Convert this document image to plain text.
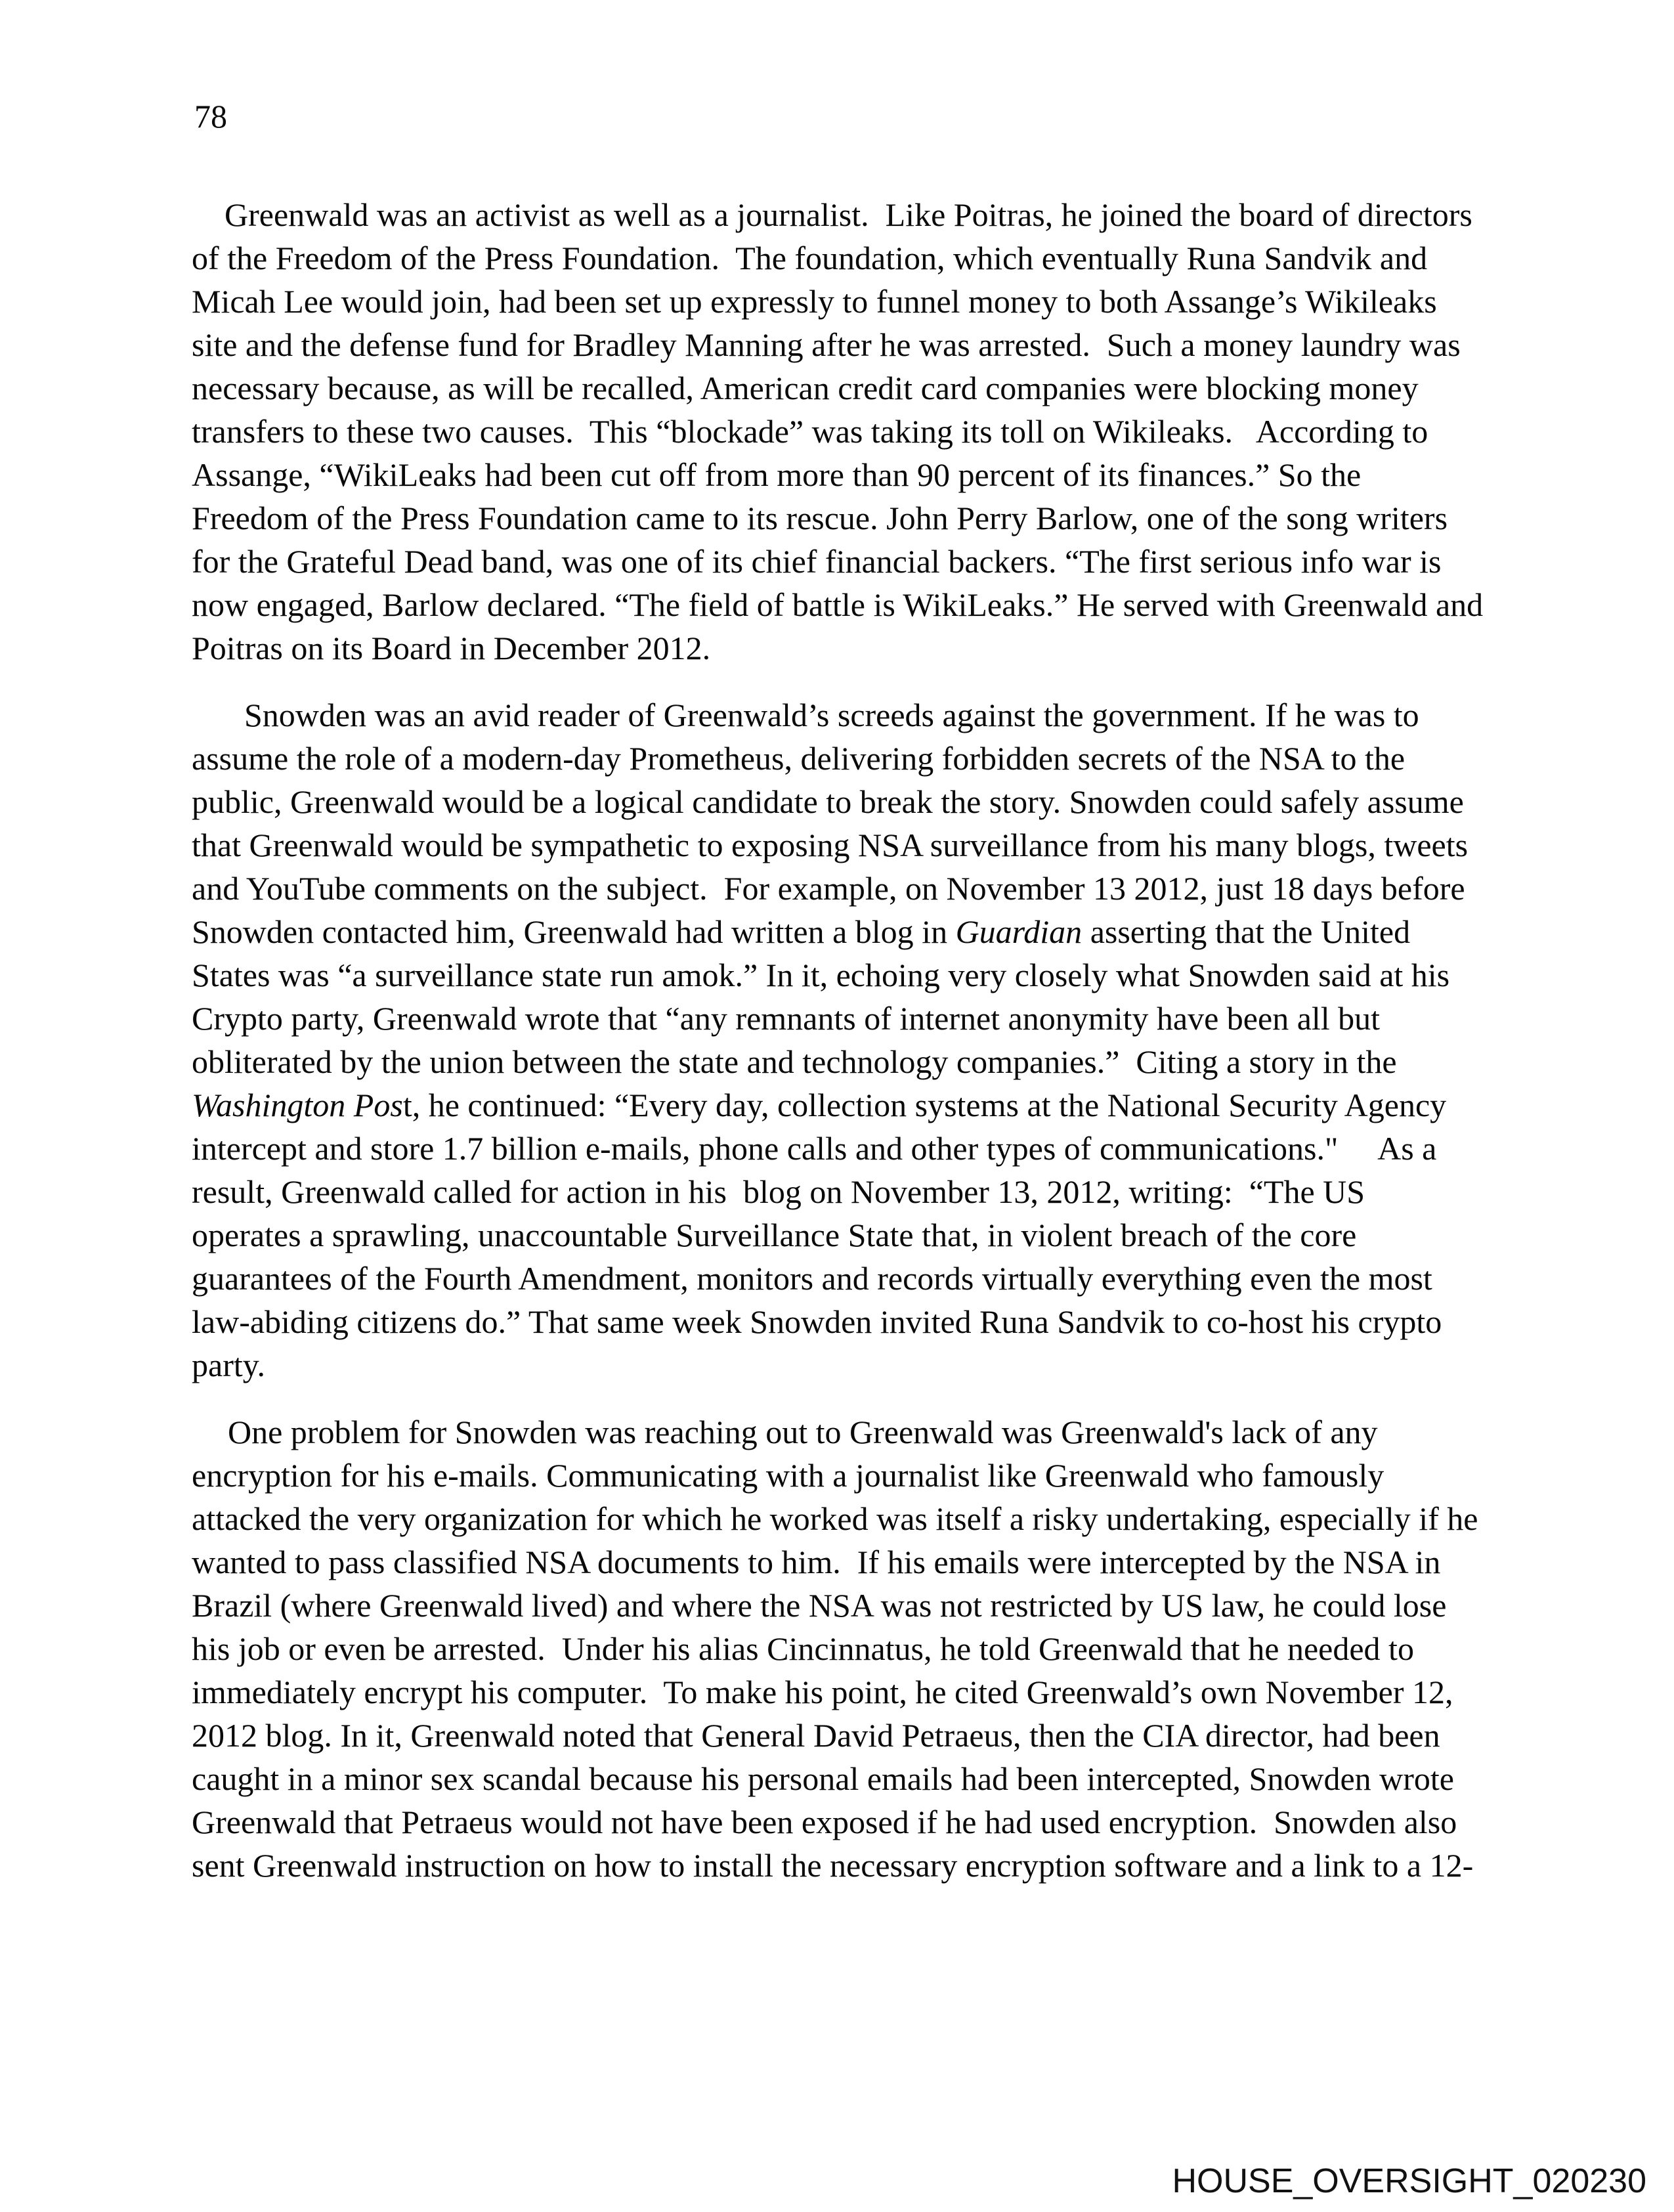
78
Greenwald was an activist as well as a journalist.  Like Poitras, he joined the board of directors
of the Freedom of the Press Foundation.  The foundation, which eventually Runa Sandvik and
Micah Lee would join, had been set up expressly to funnel money to both Assange’s Wikileaks
site and the defense fund for Bradley Manning after he was arrested.  Such a money laundry was
necessary because, as will be recalled, American credit card companies were blocking money
transfers to these two causes.  This “blockade” was taking its toll on Wikileaks.   According to
Assange, “WikiLeaks had been cut off from more than 90 percent of its finances.” So the
Freedom of the Press Foundation came to its rescue. John Perry Barlow, one of the song writers
for the Grateful Dead band, was one of its chief financial backers. “The first serious info war is
now engaged, Barlow declared. “The field of battle is WikiLeaks.” He served with Greenwald and
Poitras on its Board in December 2012.
Snowden was an avid reader of Greenwald’s screeds against the government. If he was to
assume the role of a modern-day Prometheus, delivering forbidden secrets of the NSA to the
public, Greenwald would be a logical candidate to break the story. Snowden could safely assume
that Greenwald would be sympathetic to exposing NSA surveillance from his many blogs, tweets
and YouTube comments on the subject.  For example, on November 13 2012, just 18 days before
Snowden contacted him, Greenwald had written a blog in Guardian asserting that the United
States was “a surveillance state run amok.” In it, echoing very closely what Snowden said at his
Crypto party, Greenwald wrote that “any remnants of internet anonymity have been all but
obliterated by the union between the state and technology companies.”  Citing a story in the
Washington Post, he continued: “Every day, collection systems at the National Security Agency
intercept and store 1.7 billion e-mails, phone calls and other types of communications."     As a
result, Greenwald called for action in his  blog on November 13, 2012, writing:  “The US
operates a sprawling, unaccountable Surveillance State that, in violent breach of the core
guarantees of the Fourth Amendment, monitors and records virtually everything even the most
law-abiding citizens do.” That same week Snowden invited Runa Sandvik to co-host his crypto
party.
One problem for Snowden was reaching out to Greenwald was Greenwald's lack of any
encryption for his e-mails. Communicating with a journalist like Greenwald who famously
attacked the very organization for which he worked was itself a risky undertaking, especially if he
wanted to pass classified NSA documents to him.  If his emails were intercepted by the NSA in
Brazil (where Greenwald lived) and where the NSA was not restricted by US law, he could lose
his job or even be arrested.  Under his alias Cincinnatus, he told Greenwald that he needed to
immediately encrypt his computer.  To make his point, he cited Greenwald’s own November 12,
2012 blog. In it, Greenwald noted that General David Petraeus, then the CIA director, had been
caught in a minor sex scandal because his personal emails had been intercepted, Snowden wrote
Greenwald that Petraeus would not have been exposed if he had used encryption.  Snowden also
sent Greenwald instruction on how to install the necessary encryption software and a link to a 12-
HOUSE_OVERSIGHT_020230
